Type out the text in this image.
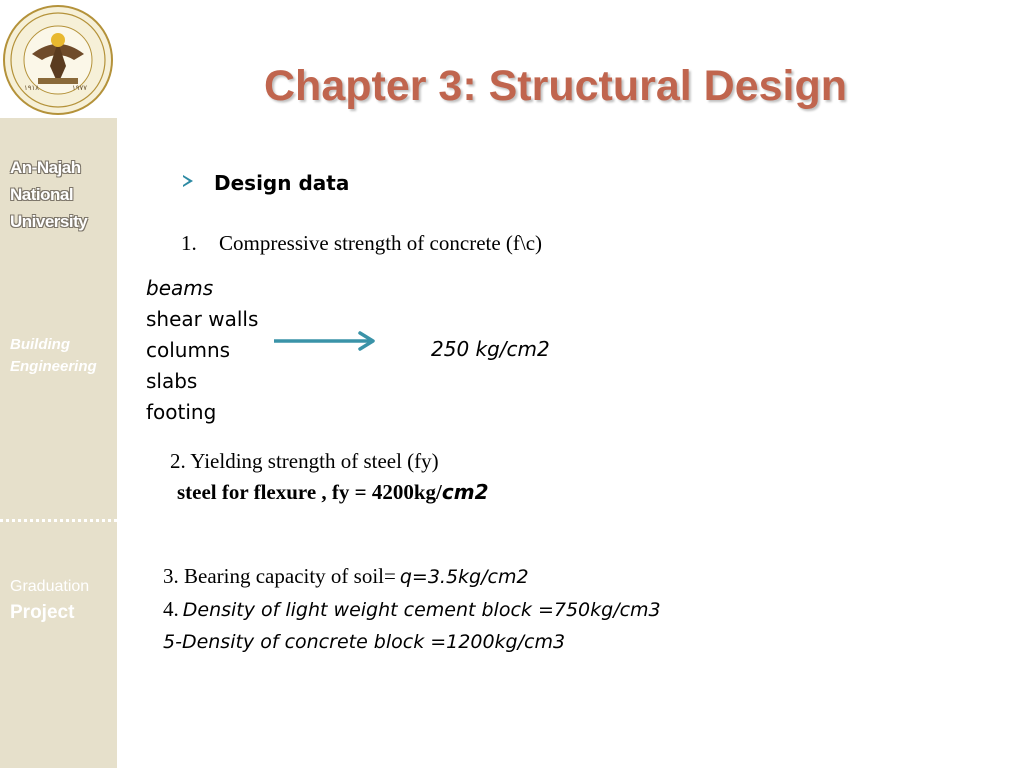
١٩١٨	١٩٧٧
An-Najah
National
University
Building
Engineering
Graduation
Project
Chapter 3: Structural Design
Design data
1. Compressive strength of concrete (f\c)
beams
shear walls
columns
slabs
footing
250 kg/cm2
2. Yielding strength of steel (fy)
steel for flexure , fy = 4200kg/cm2
3. Bearing capacity of soil= q=3.5kg/cm2
4. Density of light weight cement block =750kg/cm3
5-Density of concrete block =1200kg/cm3
